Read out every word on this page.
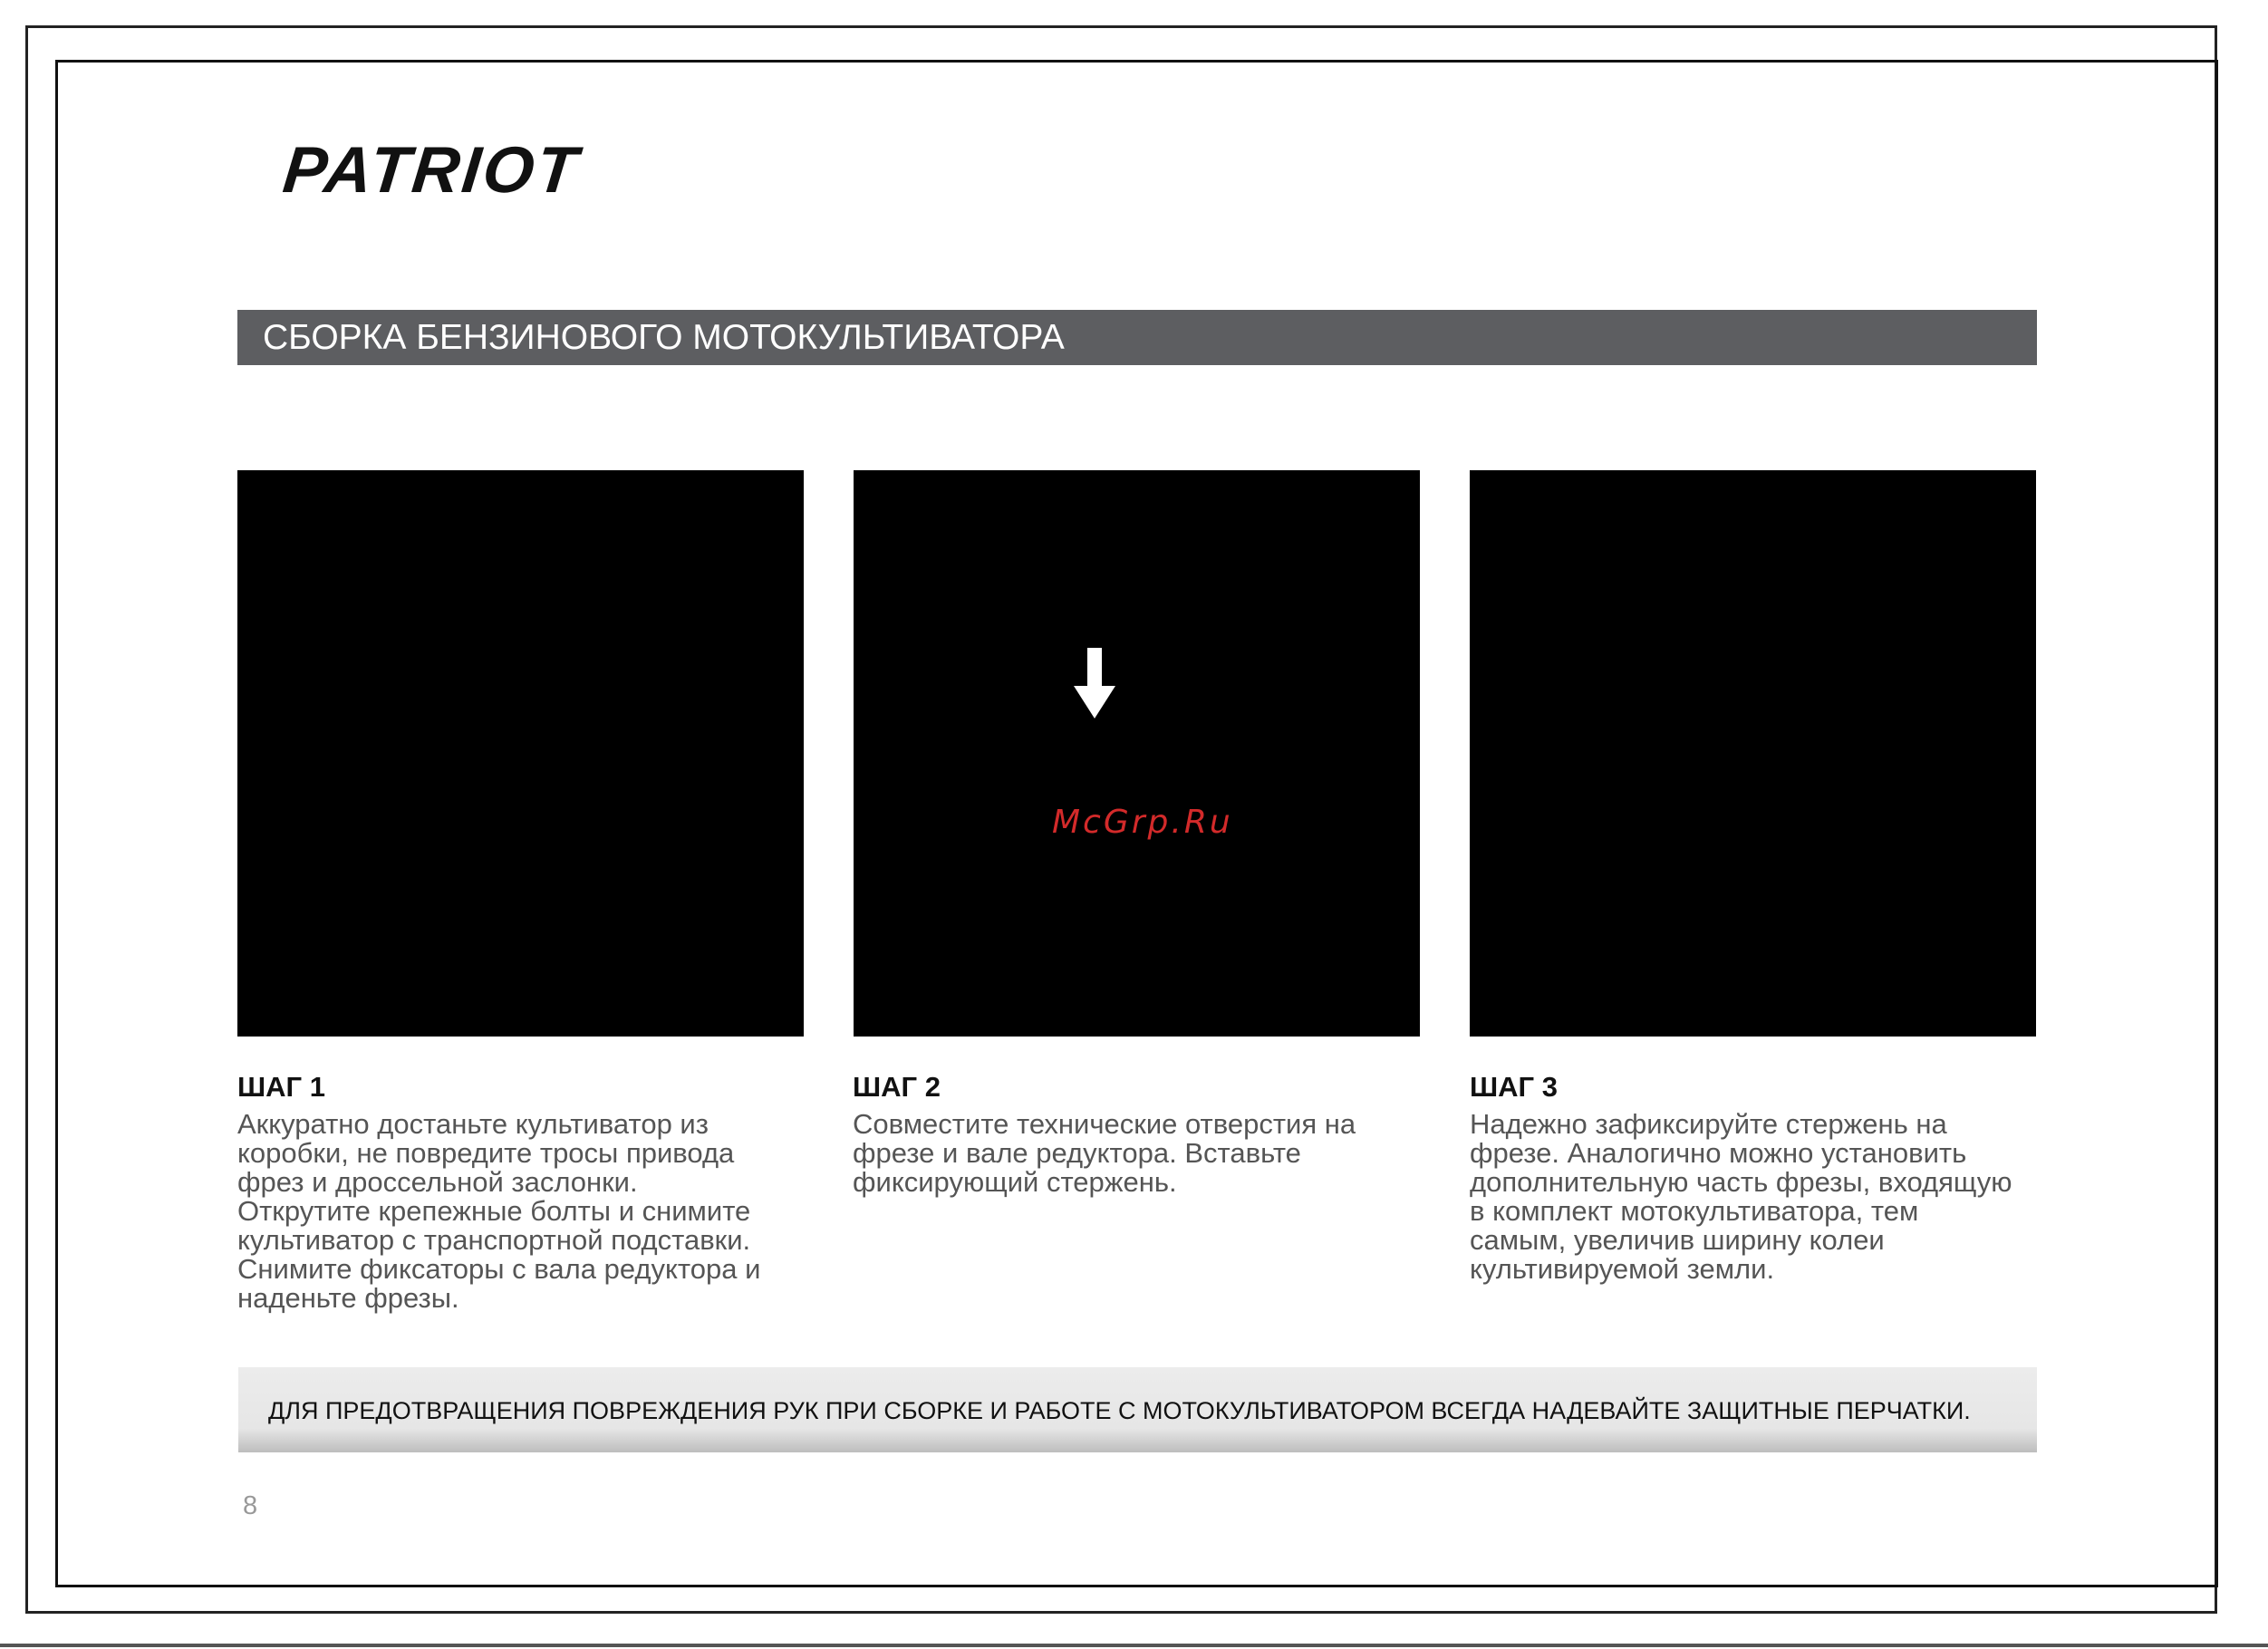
PATRIOT
СБОРКА БЕНЗИНОВОГО МОТОКУЛЬТИВАТОРА
McGrp.Ru
ШАГ 1
Аккуратно достаньте культиватор из
коробки, не повредите тросы привода
фрез и дроссельной заслонки.
Открутите крепежные болты и снимите
культиватор с транспортной подставки.
Снимите фиксаторы с вала редуктора и
наденьте фрезы.
ШАГ 2
Совместите технические отверстия на
фрезе и вале редуктора. Вставьте
фиксирующий стержень.
ШАГ 3
Надежно зафиксируйте стержень на
фрезе. Аналогично можно установить
дополнительную часть фрезы, входящую
в комплект мотокультиватора, тем
самым, увеличив ширину колеи
культивируемой земли.
ДЛЯ ПРЕДОТВРАЩЕНИЯ ПОВРЕЖДЕНИЯ РУК ПРИ СБОРКЕ И РАБОТЕ С МОТОКУЛЬТИВАТОРОМ ВСЕГДА НАДЕВАЙТЕ ЗАЩИТНЫЕ ПЕРЧАТКИ.
8
